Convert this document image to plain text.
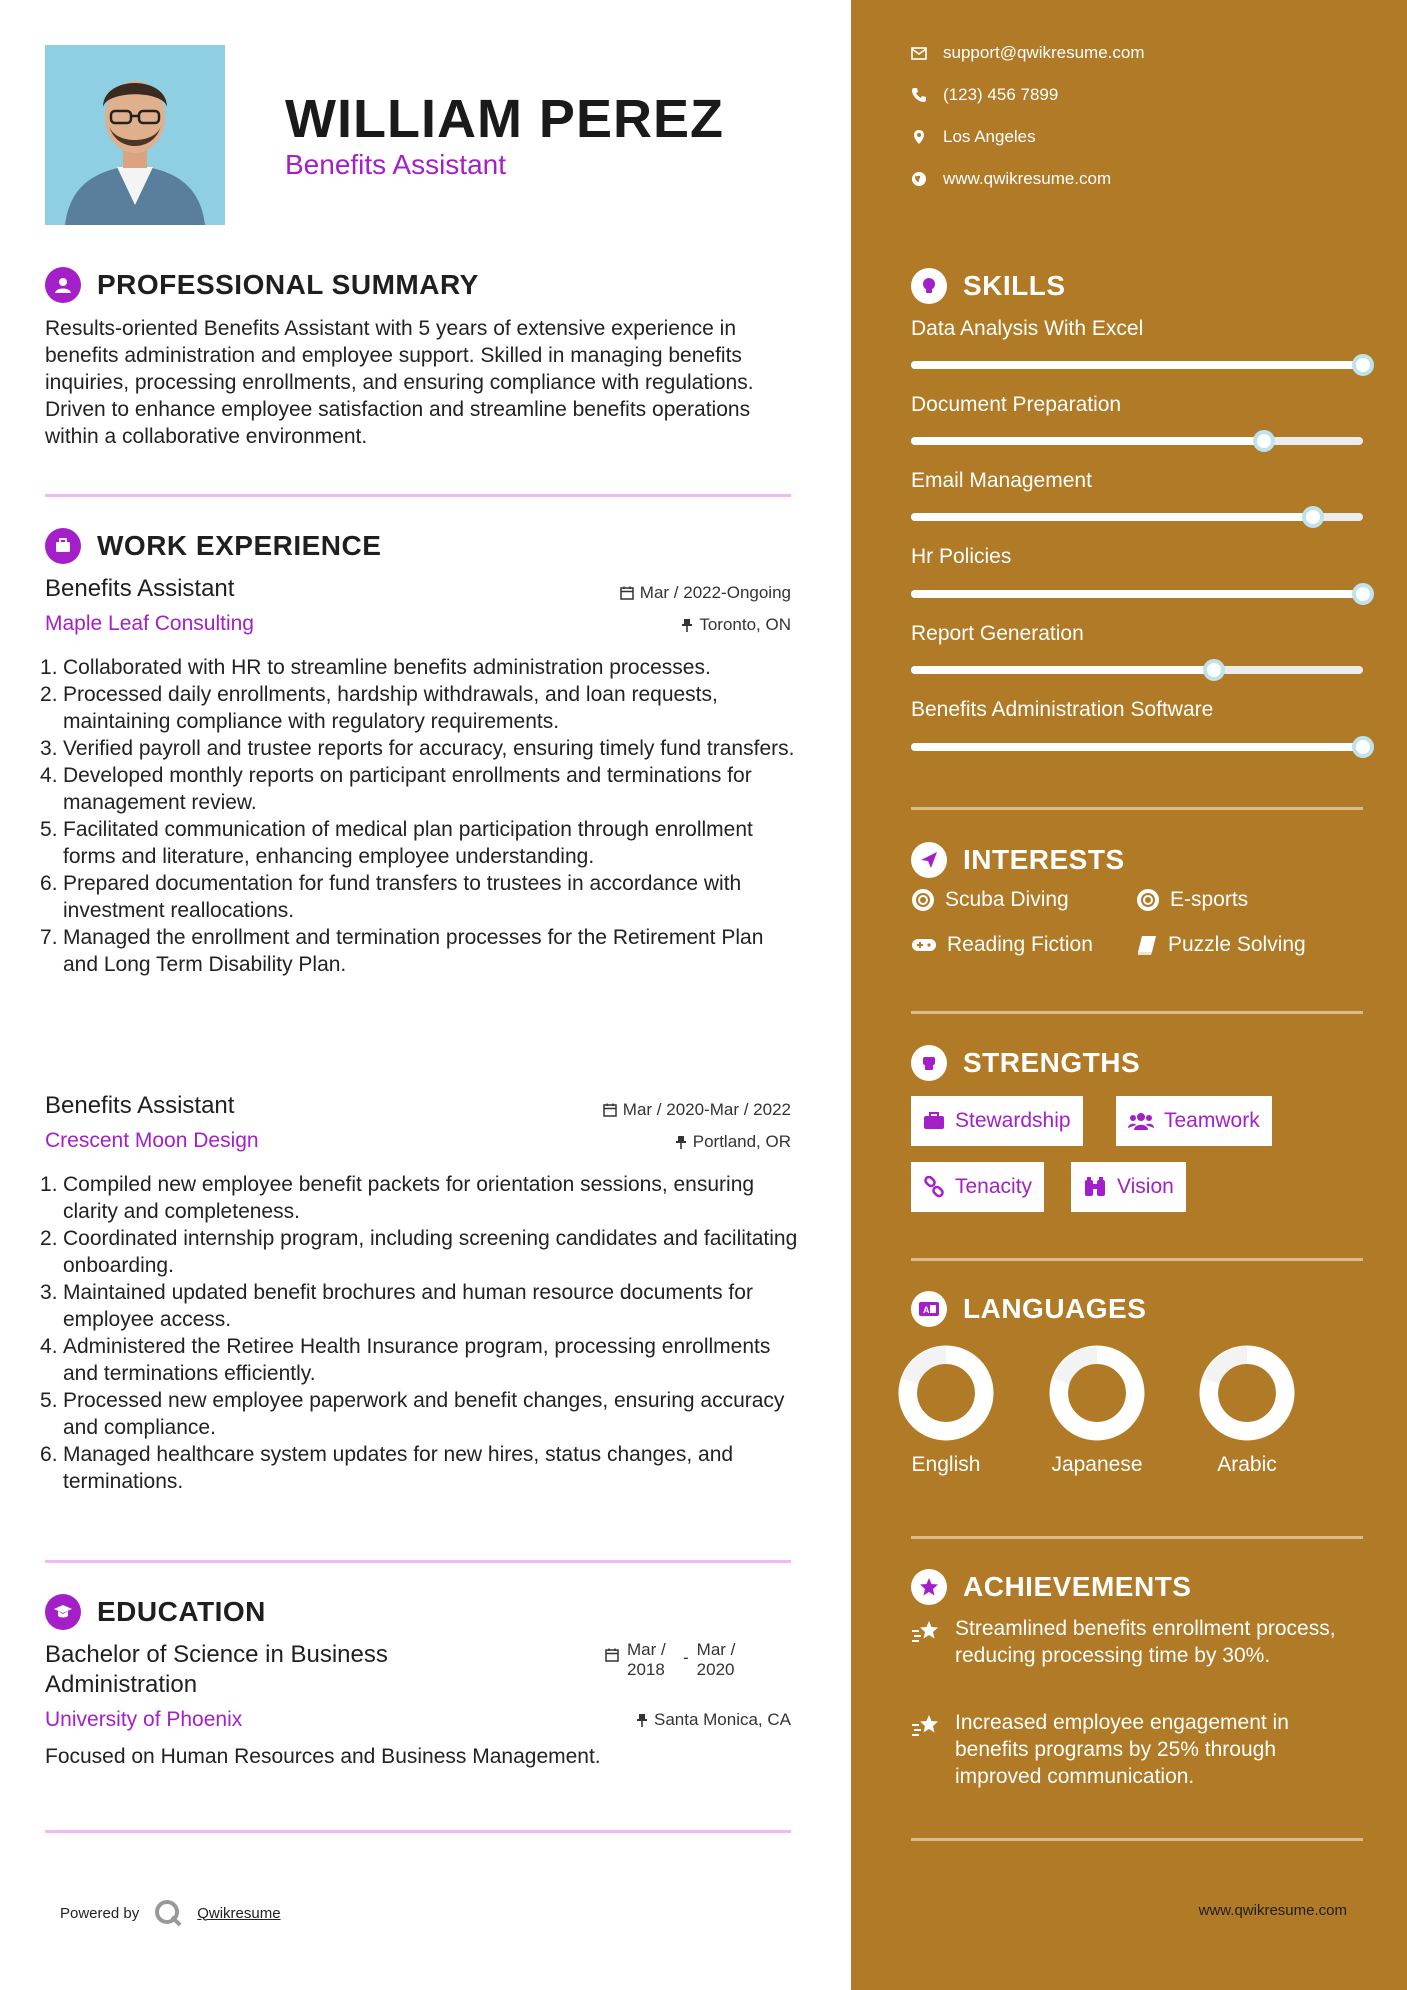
WILLIAM PEREZ
Benefits Assistant
PROFESSIONAL SUMMARY
Results-oriented Benefits Assistant with 5 years of extensive experience in benefits administration and employee support. Skilled in managing benefits inquiries, processing enrollments, and ensuring compliance with regulations. Driven to enhance employee satisfaction and streamline benefits operations within a collaborative environment.
WORK EXPERIENCE
Benefits Assistant	Mar / 2022-Ongoing
Maple Leaf Consulting	Toronto, ON
Collaborated with HR to streamline benefits administration processes.
Processed daily enrollments, hardship withdrawals, and loan requests, maintaining compliance with regulatory requirements.
Verified payroll and trustee reports for accuracy, ensuring timely fund transfers.
Developed monthly reports on participant enrollments and terminations for management review.
Facilitated communication of medical plan participation through enrollment forms and literature, enhancing employee understanding.
Prepared documentation for fund transfers to trustees in accordance with investment reallocations.
Managed the enrollment and termination processes for the Retirement Plan and Long Term Disability Plan.
Benefits Assistant	Mar / 2020-Mar / 2022
Crescent Moon Design	Portland, OR
Compiled new employee benefit packets for orientation sessions, ensuring clarity and completeness.
Coordinated internship program, including screening candidates and facilitating onboarding.
Maintained updated benefit brochures and human resource documents for employee access.
Administered the Retiree Health Insurance program, processing enrollments and terminations efficiently.
Processed new employee paperwork and benefit changes, ensuring accuracy and compliance.
Managed healthcare system updates for new hires, status changes, and terminations.
EDUCATION
Bachelor of Science in Business Administration
Mar / 2018
- Mar / 2020
University of Phoenix	Santa Monica, CA
Focused on Human Resources and Business Management.
Powered by	Qwikresume
support@qwikresume.com
(123) 456 7899
Los Angeles
www.qwikresume.com
SKILLS
Data Analysis With Excel
Document Preparation
Email Management
Hr Policies
Report Generation
Benefits Administration Software
INTERESTS
Scuba Diving	E-sports
Reading Fiction	Puzzle Solving
STRENGTHS
Stewardship	Teamwork
Tenacity	Vision
A LANGUAGES
English	Japanese	Arabic
ACHIEVEMENTS
Streamlined benefits enrollment process, reducing processing time by 30%.
Increased employee engagement in benefits programs by 25% through improved communication.
www.qwikresume.com
